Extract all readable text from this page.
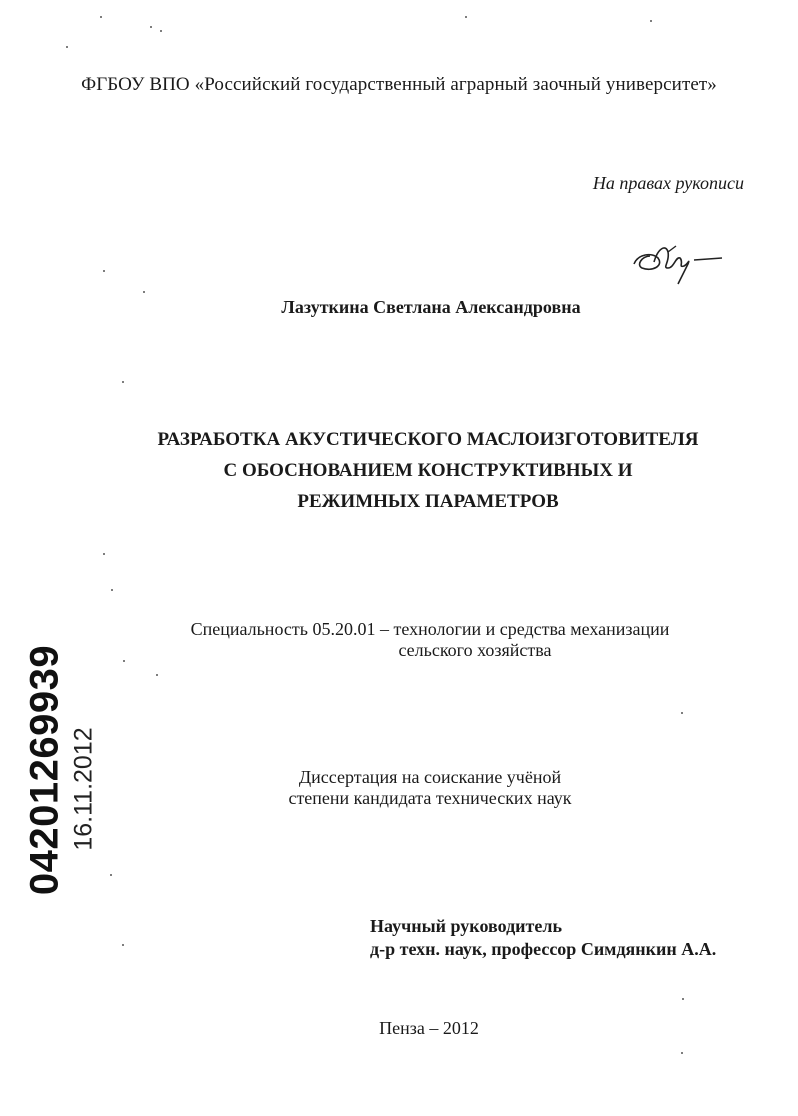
ФГБОУ ВПО «Российский государственный аграрный заочный университет»
На правах рукописи
Лазуткина Светлана Александровна
РАЗРАБОТКА АКУСТИЧЕСКОГО МАСЛОИЗГОТОВИТЕЛЯ
С ОБОСНОВАНИЕМ КОНСТРУКТИВНЫХ И
РЕЖИМНЫХ ПАРАМЕТРОВ
Специальность 05.20.01 – технологии и средства механизации
сельского хозяйства
Диссертация на соискание учёной
степени кандидата технических наук
Научный руководитель
д-р техн. наук, профессор Симдянкин А.А.
Пенза – 2012
0420126993​9 16.11.2012
